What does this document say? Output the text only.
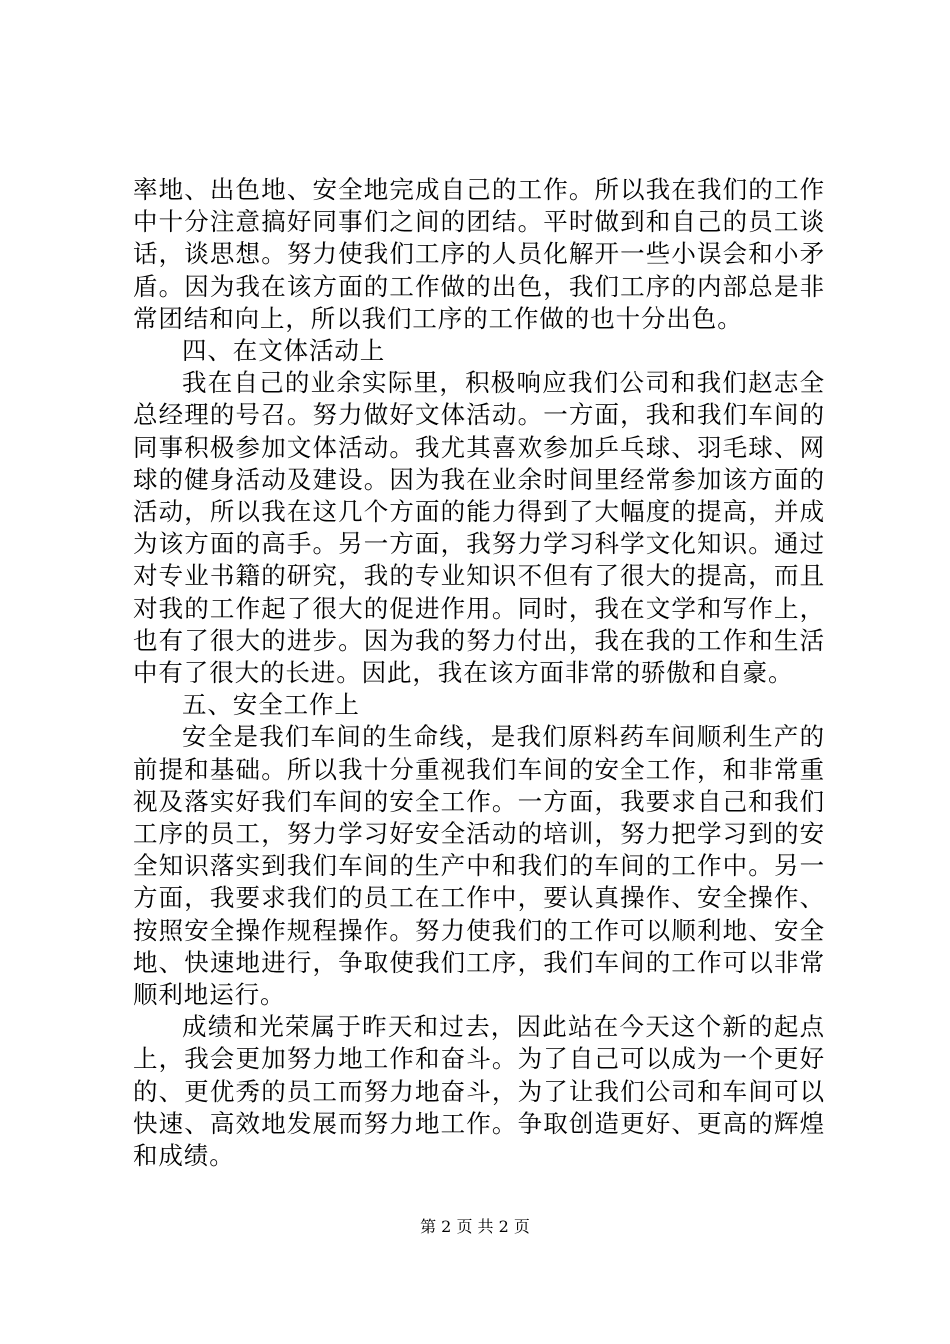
率地、出色地、安全地完成自己的工作。所以我在我们的工作中十分注意搞好同事们之间的团结。平时做到和自己的员工谈话，谈思想。努力使我们工序的人员化解开一些小误会和小矛盾。因为我在该方面的工作做的出色，我们工序的内部总是非常团结和向上，所以我们工序的工作做的也十分出色。

四、在文体活动上

我在自己的业余实际里，积极响应我们公司和我们赵志全总经理的号召。努力做好文体活动。一方面，我和我们车间的同事积极参加文体活动。我尤其喜欢参加乒乓球、羽毛球、网球的健身活动及建设。因为我在业余时间里经常参加该方面的活动，所以我在这几个方面的能力得到了大幅度的提高，并成为该方面的高手。另一方面，我努力学习科学文化知识。通过对专业书籍的研究，我的专业知识不但有了很大的提高，而且对我的工作起了很大的促进作用。同时，我在文学和写作上，也有了很大的进步。因为我的努力付出，我在我的工作和生活中有了很大的长进。因此，我在该方面非常的骄傲和自豪。

五、安全工作上

安全是我们车间的生命线，是我们原料药车间顺利生产的前提和基础。所以我十分重视我们车间的安全工作，和非常重视及落实好我们车间的安全工作。一方面，我要求自己和我们工序的员工，努力学习好安全活动的培训，努力把学习到的安全知识落实到我们车间的生产中和我们的车间的工作中。另一方面，我要求我们的员工在工作中，要认真操作、安全操作、按照安全操作规程操作。努力使我们的工作可以顺利地、安全地、快速地进行，争取使我们工序，我们车间的工作可以非常顺利地运行。

成绩和光荣属于昨天和过去，因此站在今天这个新的起点上，我会更加努力地工作和奋斗。为了自己可以成为一个更好的、更优秀的员工而努力地奋斗，为了让我们公司和车间可以快速、高效地发展而努力地工作。争取创造更好、更高的辉煌和成绩。

第 2 页 共 2 页
